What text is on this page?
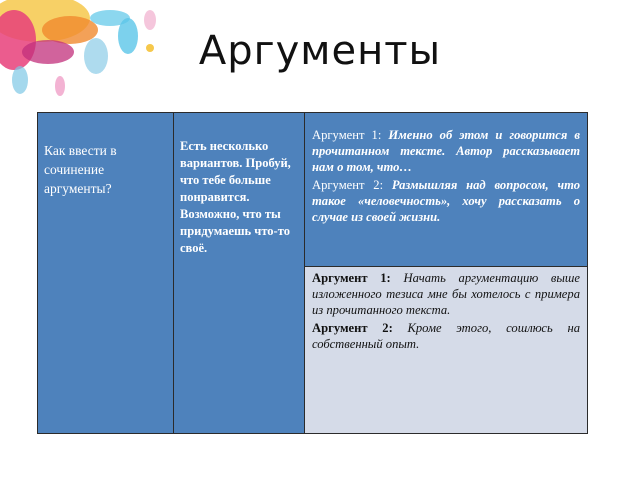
Аргументы
Как ввести в сочинение аргументы?
Есть несколько вариантов. Пробуй, что тебе больше понравится. Возможно, что ты придумаешь что-то своё.

Аргумент 1: Именно об этом и говорится в прочитанном тексте. Автор рассказывает нам о том, что…

Аргумент 2: Размышляя над вопросом, что такое «человечность», хочу рассказать о случае из своей жизни.

Аргумент 1: Начать аргументацию выше изложенного тезиса мне бы хотелось с примера из прочитанного текста.

Аргумент 2: Кроме этого, сошлюсь на собственный опыт.
